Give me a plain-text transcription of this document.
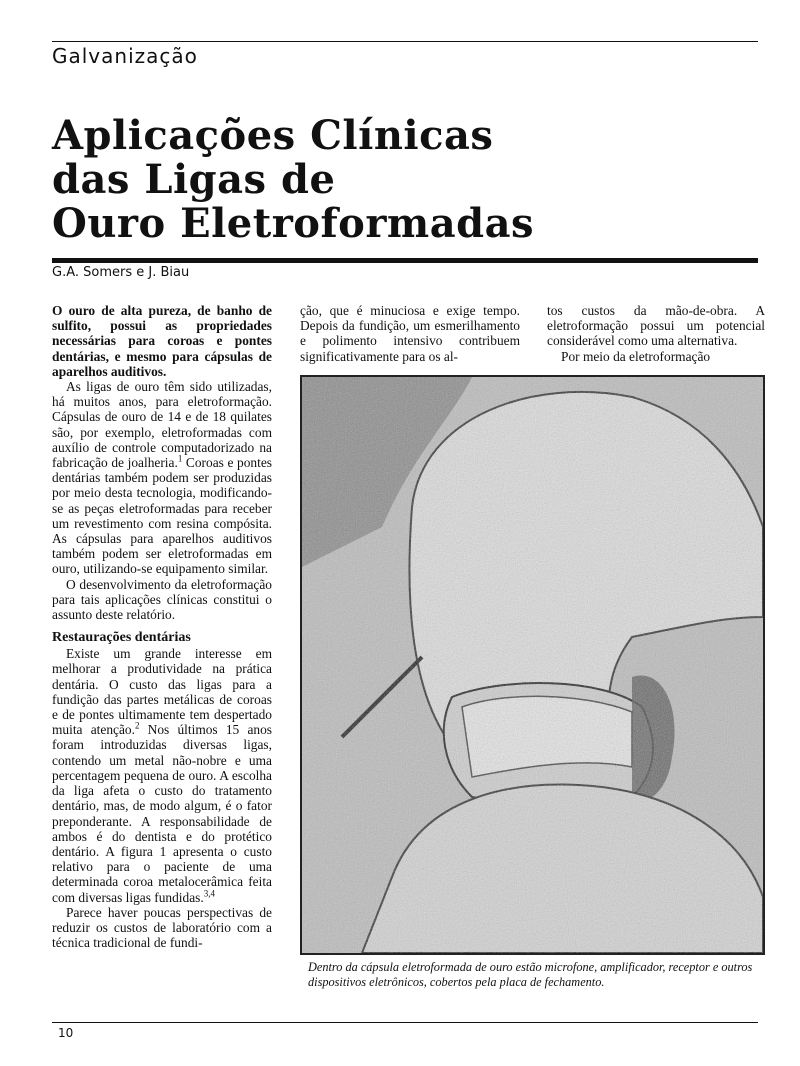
Galvanização
Aplicações Clínicas
das Ligas de
Ouro Eletroformadas
G.A. Somers e J. Biau

O ouro de alta pureza, de banho de sulfito, possui as propriedades necessárias para coroas e pontes dentárias, e mesmo para cápsulas de aparelhos auditivos.

As ligas de ouro têm sido utilizadas, há muitos anos, para eletroformação. Cápsulas de ouro de 14 e de 18 quilates são, por exemplo, eletroformadas com auxílio de controle computadorizado na fabricação de joalheria.$^1$ Coroas e pontes dentárias também podem ser produzidas por meio desta tecnologia, modificando-se as peças eletroformadas para receber um revestimento com resina compósita. As cápsulas para aparelhos auditivos também podem ser eletroformadas em ouro, utilizando-se equipamento similar.

O desenvolvimento da eletroformação para tais aplicações clínicas constitui o assunto deste relatório.

Restaurações dentárias

Existe um grande interesse em melhorar a produtividade na prática dentária. O custo das ligas para a fundição das partes metálicas de coroas e de pontes ultimamente tem despertado muita atenção.$^2$ Nos últimos 15 anos foram introduzidas diversas ligas, contendo um metal não-nobre e uma percentagem pequena de ouro. A escolha da liga afeta o custo do tratamento dentário, mas, de modo algum, é o fator preponderante. A responsabilidade de ambos é do dentista e do protético dentário. A figura 1 apresenta o custo relativo para o paciente de uma determinada coroa metalocerâmica feita com diversas ligas fundidas.$^{3,4}$

Parece haver poucas perspectivas de reduzir os custos de laboratório com a técnica tradicional de fundi-

ção, que é minuciosa e exige tempo. Depois da fundição, um esmerilhamento e polimento intensivo contribuem significativamente para os al-

tos custos da mão-de-obra. A eletroformação possui um potencial considerável como uma alternativa.

Por meio da eletroformação

Dentro da cápsula eletroformada de ouro estão microfone, amplificador, receptor e outros dispositivos eletrônicos, cobertos pela placa de fechamento.
10
